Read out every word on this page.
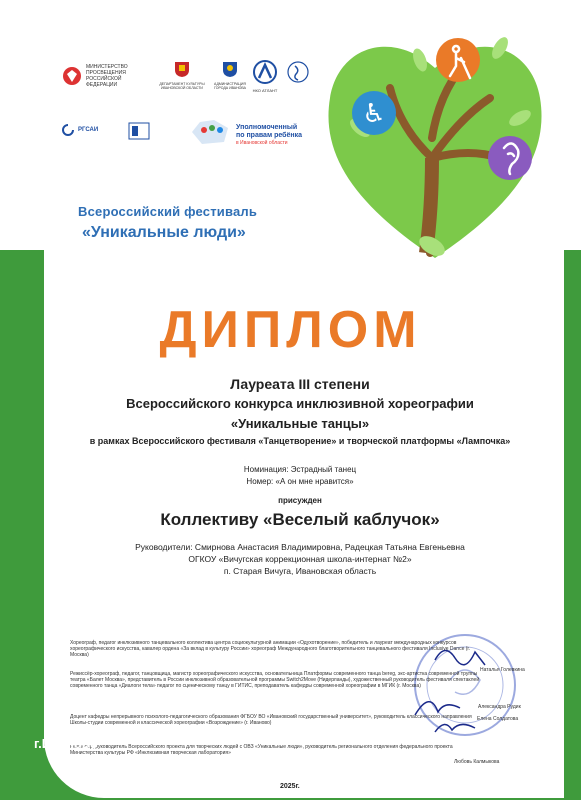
МИНИСТЕРСТВО ПРОСВЕЩЕНИЯ РОССИЙСКОЙ ФЕДЕРАЦИИ	ДЕПАРТАМЕНТ КУЛЬТУРЫ ИВАНОВСКОЙ ОБЛАСТИ
АДМИНИСТРАЦИЯ ГОРОДА ИВАНОВА	НКО АТЛАНТ
РГСАИ	Уполномоченный
по правам ребёнка
в Ивановской области
♿
Всероссийский фестиваль
«Уникальные люди»
ДИПЛОМ
Лауреата III степени
Всероссийского конкурса инклюзивной хореографии
«Уникальные танцы»
в рамках Всероссийского фестиваля «Танцетворение» и творческой платформы «Лампочка»
Номинация: Эстрадный танец
Номер: «А он мне нравится»
присужден
Коллективу «Веселый каблучок»
Руководители: Смирнова Анастасия Владимировна, Радецкая Татьяна Евгеньевна
ОГКОУ «Вичугская коррекционная школа-интернат №2»
п. Старая Вичуга, Ивановская область
Хореограф, педагог инклюзивного танцевального коллектива центра социокультурной анимации «Одухотворение», победитель и лауреат международных конкурсов хореографического искусства, кавалер ордена «За вклад в культуру России» хореограф Международного благотворительного танцевального фестиваля Inclusive Dance (г. Москва)
Режиссёр-хореограф, педагог, танцовщица, магистр хореографического искусства, основательница Платформы современного танца bereg, экс-артистка современной труппы театра «Балет Москва», представитель в России инклюзивной образовательной программы Switch2Move (Нидерланды), художественный руководитель фестиваля спектаклей современного танца «Диалоги тела» педагог по сценическому танцу в ГИТИС, преподаватель кафедры современной хореографии в МГИК (г. Москва)
Доцент кафедры непрерывного психолого-педагогического образования ФГБОУ ВО «Ивановский государственный университет», руководитель классического направления Школы-студии современной и классической хореографии «Возрождение» (г. Иваново)
Режиссер, руководитель Всероссийского проекта для творческих людей с ОВЗ «Уникальные люди», руководитель регионального отделения федерального проекта Министерства культуры РФ «Инклюзивная творческая лаборатория»
Наталья Голевкина
Александра Рудик
Елена Солдатова
Любовь Калмыкова
г.Иваново
2025г.
